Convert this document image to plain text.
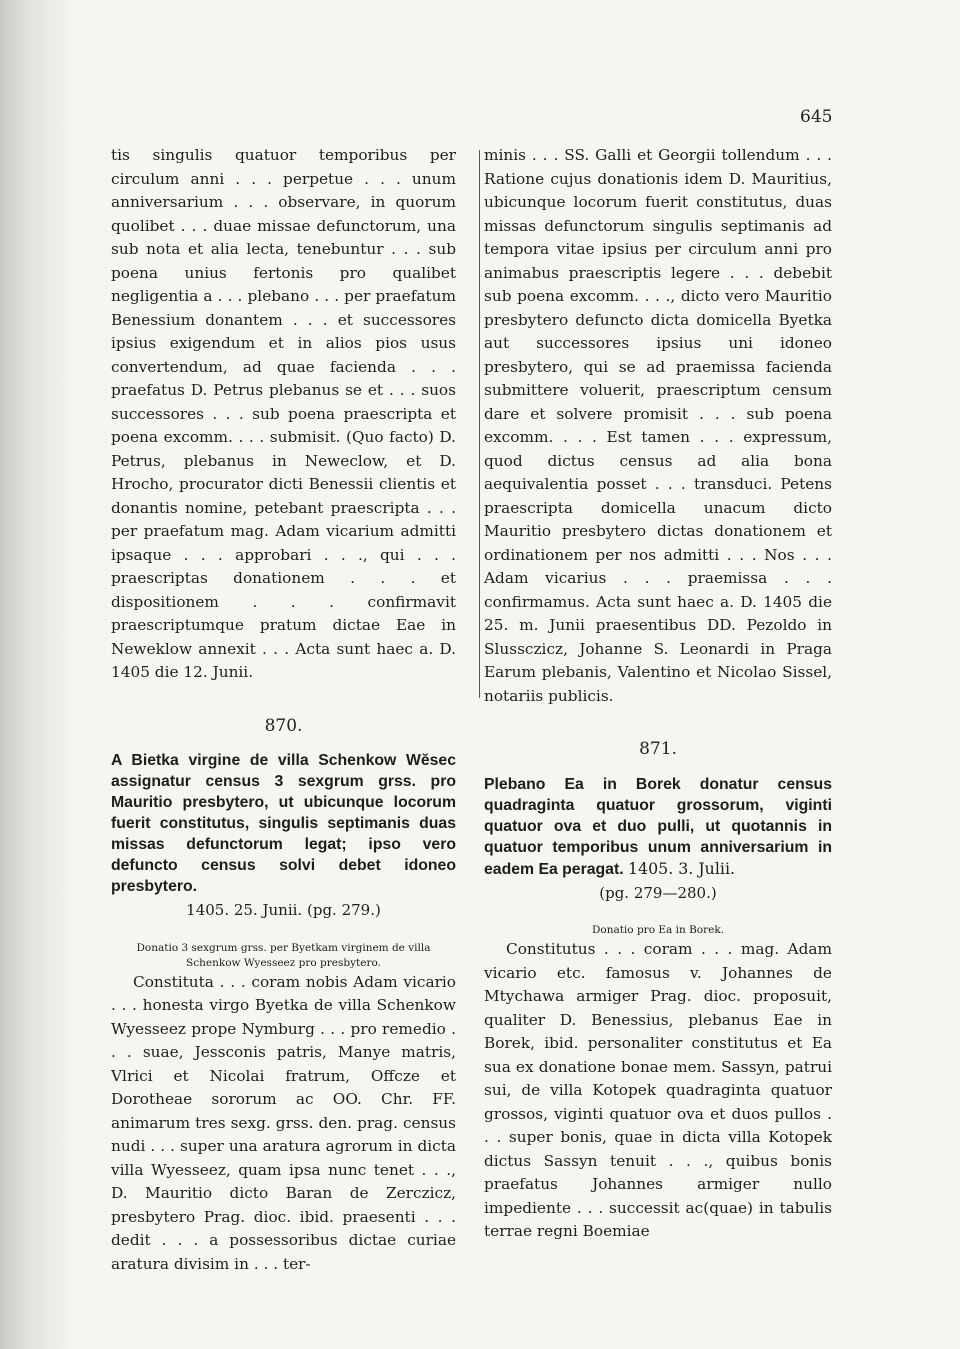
645

tis singulis quatuor temporibus per circulum anni . . . perpetue . . . unum anniversarium . . . observare, in quorum quolibet . . . duae missae defunctorum, una sub nota et alia lecta, tenebuntur . . . sub poena unius fertonis pro qualibet negligentia a . . . plebano . . . per praefatum Benessium donantem . . . et successores ipsius exigendum et in alios pios usus convertendum, ad quae facienda . . . praefatus D. Petrus plebanus se et . . . suos successores . . . sub poena praescripta et poena excomm. . . . submisit. (Quo facto) D. Petrus, plebanus in Neweclow, et D. Hrocho, procurator dicti Benessii clientis et donantis nomine, petebant praescripta . . . per praefatum mag. Adam vicarium admitti ipsaque . . . approbari . . ., qui . . . praescriptas donationem . . . et dispositionem . . . confirmavit praescriptumque pratum dictae Eae in Neweklow annexit . . . Acta sunt haec a. D. 1405 die 12. Junii.

870.

A Bietka virgine de villa Schenkow Wĕsec assignatur census 3 sexgrum grss. pro Mauritio presbytero, ut ubicunque locorum fuerit constitutus, singulis septimanis duas missas defunctorum legat; ipso vero defuncto census solvi debet idoneo presbytero.

1405. 25. Junii. (pg. 279.)

Donatio 3 sexgrum grss. per Byetkam virginem de villa Schenkow Wyesseez pro presbytero.

Constituta . . . coram nobis Adam vicario . . . honesta virgo Byetka de villa Schenkow Wyesseez prope Nymburg . . . pro remedio . . . suae, Jessconis patris, Manye matris, Vlrici et Nicolai fratrum, Offcze et Dorotheae sororum ac OO. Chr. FF. animarum tres sexg. grss. den. prag. census nudi . . . super una aratura agrorum in dicta villa Wyesseez, quam ipsa nunc tenet . . ., D. Mauritio dicto Baran de Zerczicz, presbytero Prag. dioc. ibid. praesenti . . . dedit . . . a possessoribus dictae curiae aratura divisim in . . . ter-

minis . . . SS. Galli et Georgii tollendum . . . Ratione cujus donationis idem D. Mauritius, ubicunque locorum fuerit constitutus, duas missas defunctorum singulis septimanis ad tempora vitae ipsius per circulum anni pro animabus praescriptis legere . . . debebit sub poena excomm. . . ., dicto vero Mauritio presbytero defuncto dicta domicella Byetka aut successores ipsius uni idoneo presbytero, qui se ad praemissa facienda submittere voluerit, praescriptum censum dare et solvere promisit . . . sub poena excomm. . . . Est tamen . . . expressum, quod dictus census ad alia bona aequivalentia posset . . . transduci. Petens praescripta domicella unacum dicto Mauritio presbytero dictas donationem et ordinationem per nos admitti . . . Nos . . . Adam vicarius . . . praemissa . . . confirmamus. Acta sunt haec a. D. 1405 die 25. m. Junii praesentibus DD. Pezoldo in Slussczicz, Johanne S. Leonardi in Praga Earum plebanis, Valentino et Nicolao Sissel, notariis publicis.

871.

Plebano Ea in Borek donatur census quadraginta quatuor grossorum, viginti quatuor ova et duo pulli, ut quotannis in quatuor temporibus unum anniversarium in eadem Ea peragat. 1405. 3. Julii.

(pg. 279—280.)

Donatio pro Ea in Borek.

Constitutus . . . coram . . . mag. Adam vicario etc. famosus v. Johannes de Mtychawa armiger Prag. dioc. proposuit, qualiter D. Benessius, plebanus Eae in Borek, ibid. personaliter constitutus et Ea sua ex donatione bonae mem. Sassyn, patrui sui, de villa Kotopek quadraginta quatuor grossos, viginti quatuor ova et duos pullos . . . super bonis, quae in dicta villa Kotopek dictus Sassyn tenuit . . ., quibus bonis praefatus Johannes armiger nullo impediente . . . successit ac(quae) in tabulis terrae regni Boemiae
